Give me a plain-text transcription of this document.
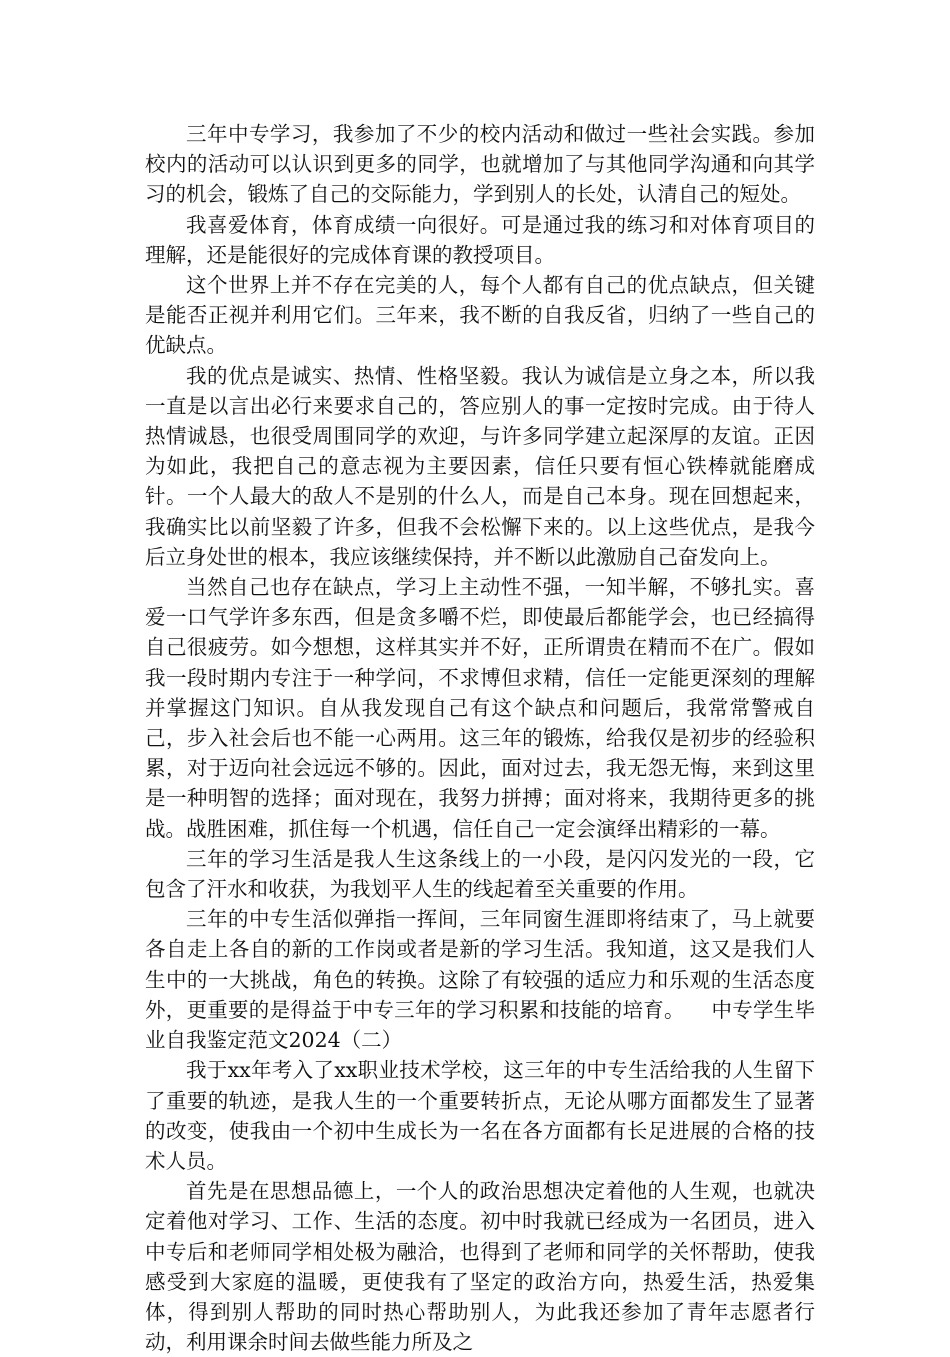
三年中专学习，我参加了不少的校内活动和做过一些社会实践。参加校内的活动可以认识到更多的同学，也就增加了与其他同学沟通和向其学习的机会，锻炼了自己的交际能力，学到别人的长处，认清自己的短处。

我喜爱体育，体育成绩一向很好。可是通过我的练习和对体育项目的理解，还是能很好的完成体育课的教授项目。

这个世界上并不存在完美的人，每个人都有自己的优点缺点，但关键是能否正视并利用它们。三年来，我不断的自我反省，归纳了一些自己的优缺点。

我的优点是诚实、热情、性格坚毅。我认为诚信是立身之本，所以我一直是以言出必行来要求自己的，答应别人的事一定按时完成。由于待人热情诚恳，也很受周围同学的欢迎，与许多同学建立起深厚的友谊。正因为如此，我把自己的意志视为主要因素，信任只要有恒心铁棒就能磨成针。一个人最大的敌人不是别的什么人，而是自己本身。现在回想起来，我确实比以前坚毅了许多，但我不会松懈下来的。以上这些优点，是我今后立身处世的根本，我应该继续保持，并不断以此激励自己奋发向上。

当然自己也存在缺点，学习上主动性不强，一知半解，不够扎实。喜爱一口气学许多东西，但是贪多嚼不烂，即使最后都能学会，也已经搞得自己很疲劳。如今想想，这样其实并不好，正所谓贵在精而不在广。假如我一段时期内专注于一种学问，不求博但求精，信任一定能更深刻的理解并掌握这门知识。自从我发现自己有这个缺点和问题后，我常常警戒自己，步入社会后也不能一心两用。这三年的锻炼，给我仅是初步的经验积累，对于迈向社会远远不够的。因此，面对过去，我无怨无悔，来到这里是一种明智的选择；面对现在，我努力拼搏；面对将来，我期待更多的挑战。战胜困难，抓住每一个机遇，信任自己一定会演绎出精彩的一幕。

三年的学习生活是我人生这条线上的一小段，是闪闪发光的一段，它包含了汗水和收获，为我划平人生的线起着至关重要的作用。

三年的中专生活似弹指一挥间，三年同窗生涯即将结束了，马上就要各自走上各自的新的工作岗或者是新的学习生活。我知道，这又是我们人生中的一大挑战，角色的转换。这除了有较强的适应力和乐观的生活态度外，更重要的是得益于中专三年的学习积累和技能的培育。 中专学生毕业自我鉴定范文2024（二）

我于xx年考入了xx职业技术学校，这三年的中专生活给我的人生留下了重要的轨迹，是我人生的一个重要转折点，无论从哪方面都发生了显著的改变，使我由一个初中生成长为一名在各方面都有长足进展的合格的技术人员。

首先是在思想品德上，一个人的政治思想决定着他的人生观，也就决定着他对学习、工作、生活的态度。初中时我就已经成为一名团员，进入中专后和老师同学相处极为融洽，也得到了老师和同学的关怀帮助，使我感受到大家庭的温暖，更使我有了坚定的政治方向，热爱生活，热爱集体，得到别人帮助的同时热心帮助别人，为此我还参加了青年志愿者行动，利用课余时间去做些能力所及之
